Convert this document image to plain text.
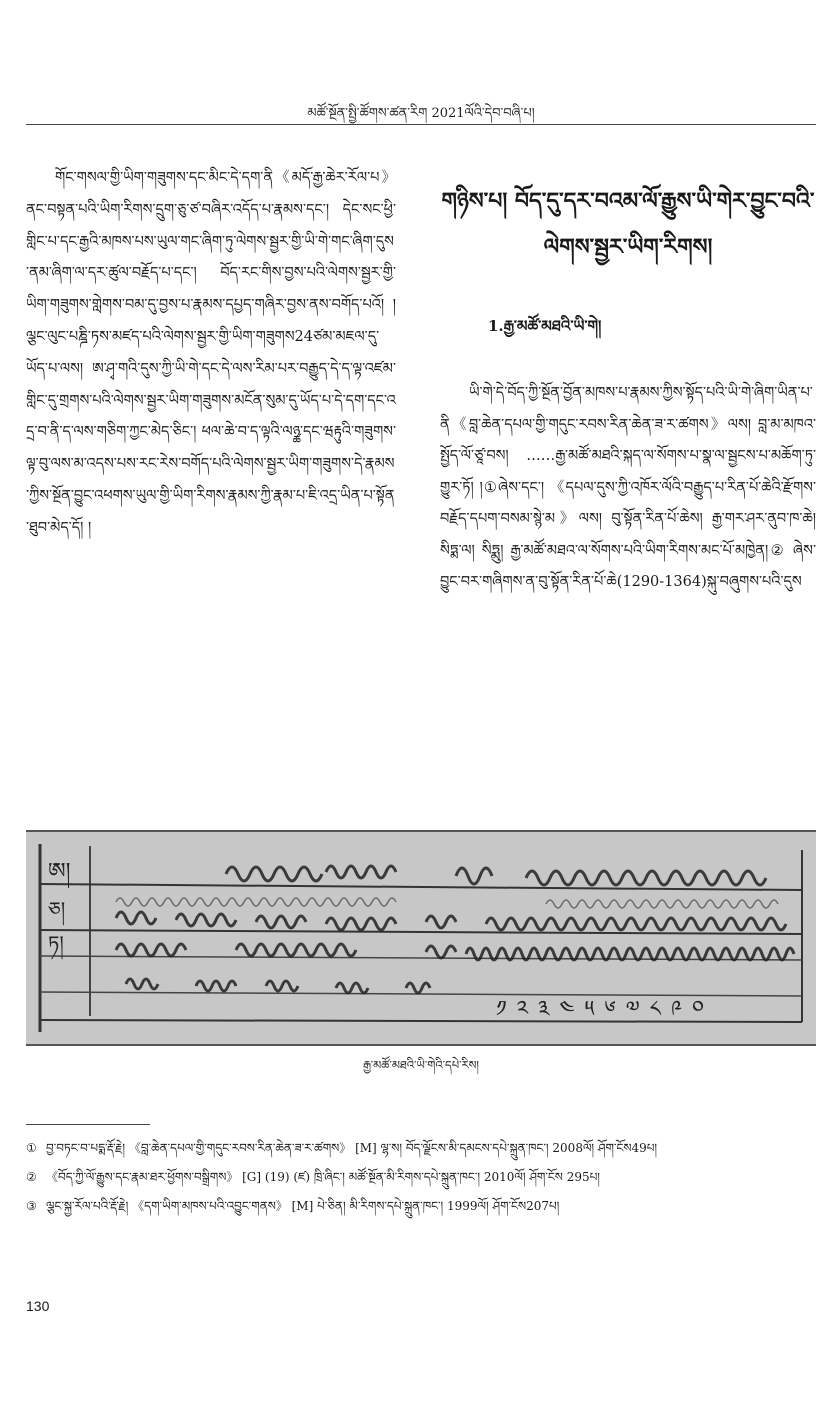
མཚོ་སྔོན་སྤྱི་ཚོགས་ཚན་རིག 2021ལོའི་དེབ་བཞི་པ།
གོང་གསལ་གྱི་ཡིག་གཟུགས་དང་མིང་དེ་དག་ནི《མདོ་རྒྱ་ཆེར་རོལ་པ》ནང་བསྟན་པའི་ཡིག་རིགས་དྲུག་ཅུ་ཙ་བཞིར་འདོད་པ་རྣམས་དང་། དེང་སང་ཕྱི་གླིང་པ་དང་རྒྱའི་མཁས་པས་ཡུལ་གང་ཞིག་ཏུ་ལེགས་སྦྱར་གྱི་ཡི་གེ་གང་ཞིག་དུས་ནམ་ཞིག་ལ་དར་ཚུལ་བརྗོད་པ་དང་། བོད་རང་གིས་བྱས་པའི་ལེགས་སྦྱར་གྱི་ཡིག་གཟུགས་གླེགས་བམ་དུ་བྱས་པ་རྣམས་དཔྱད་གཞིར་བྱས་ནས་བགོད་པའོ། །ལྕང་ལུང་པཎྜི་ཏས་མཛད་པའི་ལེགས་སྦྱར་གྱི་ཡིག་གཟུགས24ཙམ་མཇལ་དུ་ཡོད་པ་ལས། ཨ་ཤྭ་གའི་དུས་ཀྱི་ཡི་གེ་དང་དེ་ལས་རིམ་པར་བརྒྱུད་དེ་ད་ལྟ་འཛམ་གླིང་དུ་གྲགས་པའི་ལེགས་སྦྱར་ཡིག་གཟུགས་མངོན་སུམ་དུ་ཡོད་པ་དེ་དག་དང་འདྲ་བ་ནི་ད་ལས་གཅིག་ཀྱང་མེད་ཅིང་། ཕལ་ཆེ་བ་ད་ལྟའི་ལཉྪ་དང་ཝརྟུའི་གཟུགས་ལྟ་བུ་ལས་མ་འདས་པས་རང་རེས་བགོད་པའི་ལེགས་སྦྱར་ཡིག་གཟུགས་དེ་རྣམས་ཀྱིས་སྔོན་བྱུང་འཕགས་ཡུལ་གྱི་ཡིག་རིགས་རྣམས་ཀྱི་རྣམ་པ་ཇི་འདྲ་ཡིན་པ་སྟོན་ཐུབ་མེད་དོ། །
གཉིས་པ། བོད་དུ་དར་བའམ་ལོ་རྒྱུས་ཡི་གེར་བྱུང་བའི་ལེགས་སྦྱར་ཡིག་རིགས།
1.རྒྱ་མཚོ་མཐའི་ཡི་གེ།
ཡི་གེ་དེ་བོད་ཀྱི་སྔོན་བྱོན་མཁས་པ་རྣམས་ཀྱིས་སྟོད་པའི་ཡི་གེ་ཞིག་ཡིན་པ་ནི《བླ་ཆེན་དཔལ་གྱི་གདུང་རབས་རིན་ཆེན་ཟ་ར་ཚགས》ལས། བླ་མ་མཁའ་སྤྱོད་ལོ་ཙཱ་བས། ……རྒྱ་མཚོ་མཐའི་སྐད་ལ་སོགས་པ་སྣ་ལ་སྦྱངས་པ་མཆོག་ཏུ་གྱུར་ཏོ། །①ཞེས་དང་། 《དཔལ་དུས་ཀྱི་འཁོར་ལོའི་བརྒྱུད་པ་རིན་པོ་ཆེའི་རྫོགས་བརྗོད་དཔག་བསམ་སྙེ་མ》ལས། བུ་སྟོན་རིན་པོ་ཆེས། རྒྱ་གར་ཤར་ནུབ་ཁ་ཆེ། སིཏྨ་ལ། སིཏྨུ། རྒྱ་མཚོ་མཐའ་ལ་སོགས་པའི་ཡིག་རིགས་མང་པོ་མཁྱེན།② ཞེས་བྱུང་བར་གཞིགས་ན་བུ་སྟོན་རིན་པོ་ཆེ(1290-1364)སྐུ་བཞུགས་པའི་དུས
ཨ།
ཅ།
ཏ།
༡༢༣༤༥༦༧༨༩༠
རྒྱ་མཚོ་མཐའི་ཡི་གེའི་དཔེ་རིས།
① བྱ་བཏང་བ་པདྨ་རྡོ་རྗེ། 《བླ་ཆེན་དཔལ་གྱི་གདུང་རབས་རིན་ཆེན་ཟ་ར་ཚགས》 [M] ལྷ་ས། བོད་ལྗོངས་མི་དམངས་དཔེ་སྐྲུན་ཁང་། 2008ལོ། ཤོག་ངོས49པ།
② 《བོད་ཀྱི་ལོ་རྒྱུས་དང་རྣམ་ཐར་ཕྱོགས་བསྒྲིགས》 [G] (19) (ཛ) ཁྲི་ཞིང་། མཚོ་སྔོན་མི་རིགས་དཔེ་སྐྲུན་ཁང་། 2010ལོ། ཤོག་ངོས 295པ།
③ ལྕང་སྐྱ་རོལ་པའི་རྡོ་རྗེ། 《དག་ཡིག་མཁས་པའི་འབྱུང་གནས》 [M] པེ་ཅིན། མི་རིགས་དཔེ་སྐྲུན་ཁང་། 1999ལོ། ཤོག་ངོས207པ།
130
